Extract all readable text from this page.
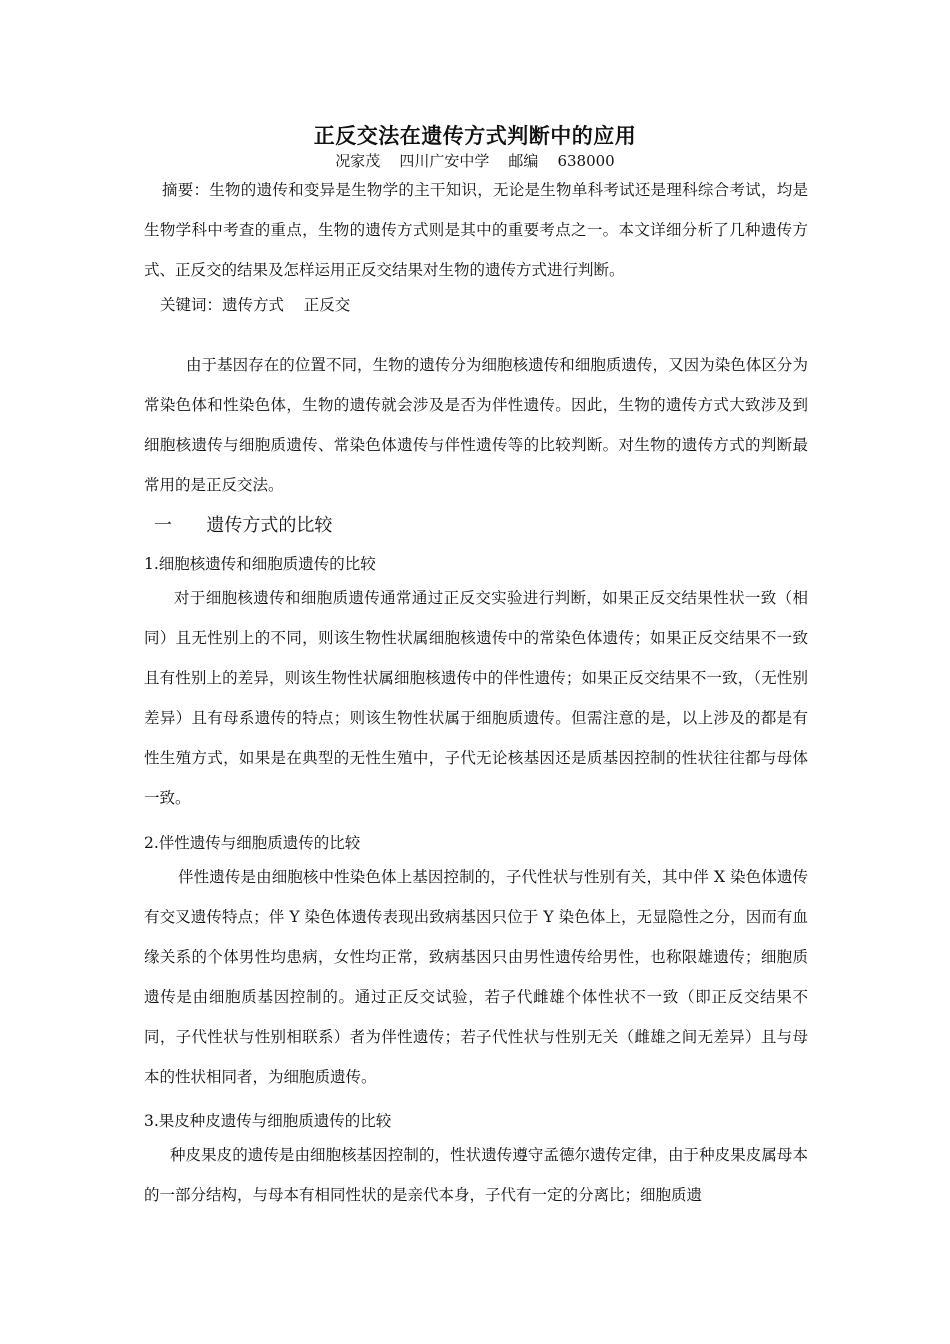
正反交法在遗传方式判断中的应用
况家茂    四川广安中学    邮编    638000
摘要：生物的遗传和变异是生物学的主干知识，无论是生物单科考试还是理科综合考试，均是生物学科中考查的重点，生物的遗传方式则是其中的重要考点之一。本文详细分析了几种遗传方式、正反交的结果及怎样运用正反交结果对生物的遗传方式进行判断。
关键词：遗传方式    正反交
由于基因存在的位置不同，生物的遗传分为细胞核遗传和细胞质遗传，又因为染色体区分为常染色体和性染色体，生物的遗传就会涉及是否为伴性遗传。因此，生物的遗传方式大致涉及到细胞核遗传与细胞质遗传、常染色体遗传与伴性遗传等的比较判断。对生物的遗传方式的判断最常用的是正反交法。
一 遗传方式的比较
1.细胞核遗传和细胞质遗传的比较
对于细胞核遗传和细胞质遗传通常通过正反交实验进行判断，如果正反交结果性状一致（相同）且无性别上的不同，则该生物性状属细胞核遗传中的常染色体遗传；如果正反交结果不一致且有性别上的差异，则该生物性状属细胞核遗传中的伴性遗传；如果正反交结果不一致，（无性别差异）且有母系遗传的特点；则该生物性状属于细胞质遗传。但需注意的是，以上涉及的都是有性生殖方式，如果是在典型的无性生殖中，子代无论核基因还是质基因控制的性状往往都与母体一致。
2.伴性遗传与细胞质遗传的比较
伴性遗传是由细胞核中性染色体上基因控制的，子代性状与性别有关，其中伴 X 染色体遗传有交叉遗传特点；伴 Y 染色体遗传表现出致病基因只位于 Y 染色体上，无显隐性之分，因而有血缘关系的个体男性均患病，女性均正常，致病基因只由男性遗传给男性，也称限雄遗传；细胞质遗传是由细胞质基因控制的。通过正反交试验，若子代雌雄个体性状不一致（即正反交结果不同，子代性状与性别相联系）者为伴性遗传；若子代性状与性别无关（雌雄之间无差异）且与母本的性状相同者，为细胞质遗传。
3.果皮种皮遗传与细胞质遗传的比较
种皮果皮的遗传是由细胞核基因控制的，性状遗传遵守孟德尔遗传定律，由于种皮果皮属母本的一部分结构，与母本有相同性状的是亲代本身，子代有一定的分离比；细胞质遗
